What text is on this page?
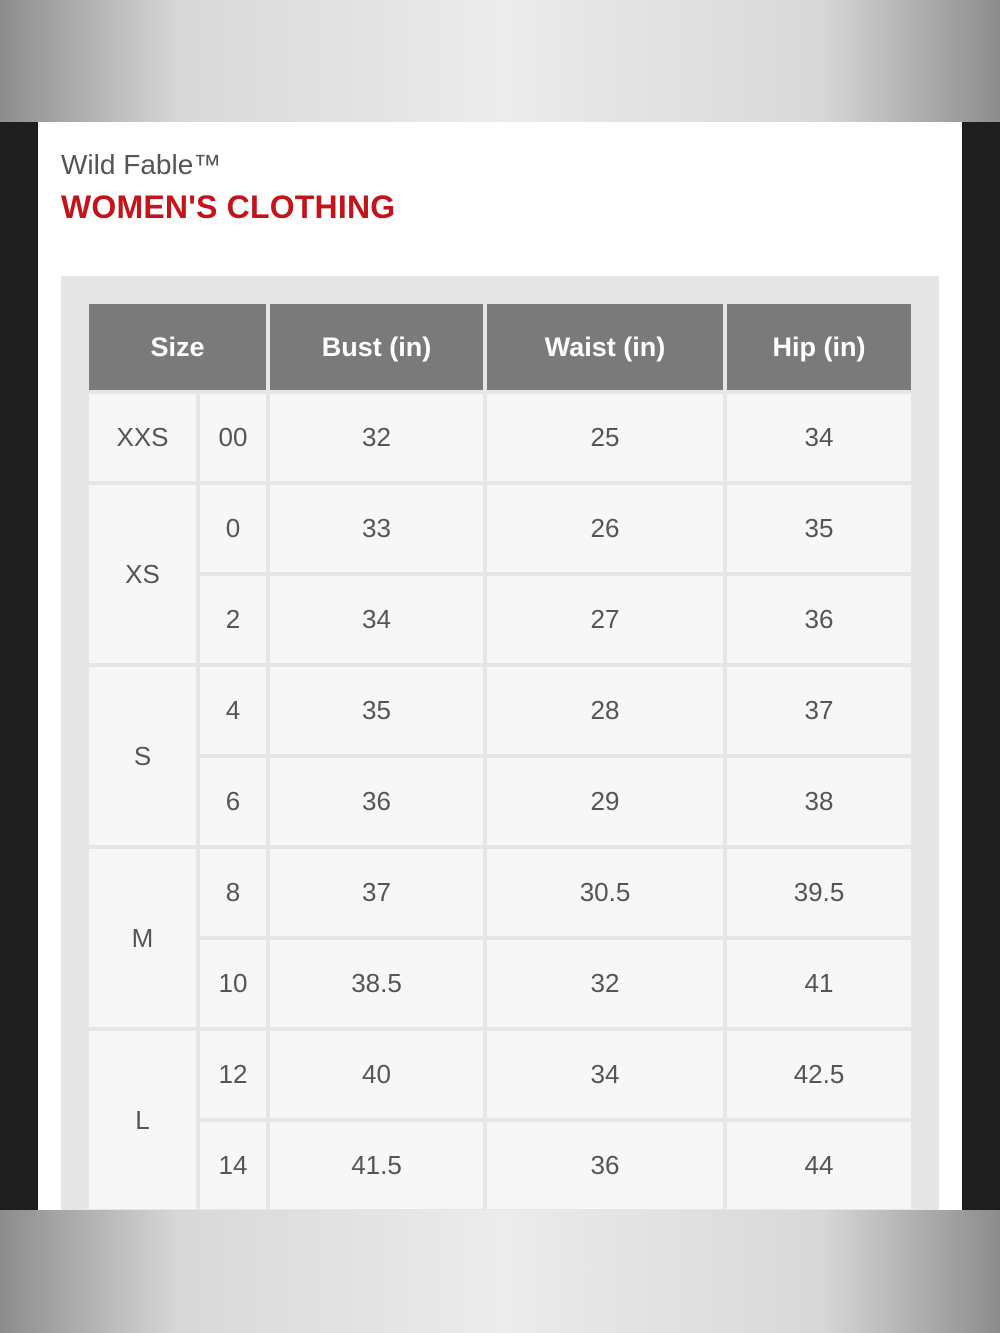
Wild Fable™
WOMEN'S CLOTHING
Size	Bust (in)	Waist (in)	Hip (in)
XXS	00	32	25	34
XS
0	33	26	35
2	34	27	36
S
4	35	28	37
6	36	29	38
M
8	37	30.5	39.5
10	38.5	32	41
L
12	40	34	42.5
14	41.5	36	44
